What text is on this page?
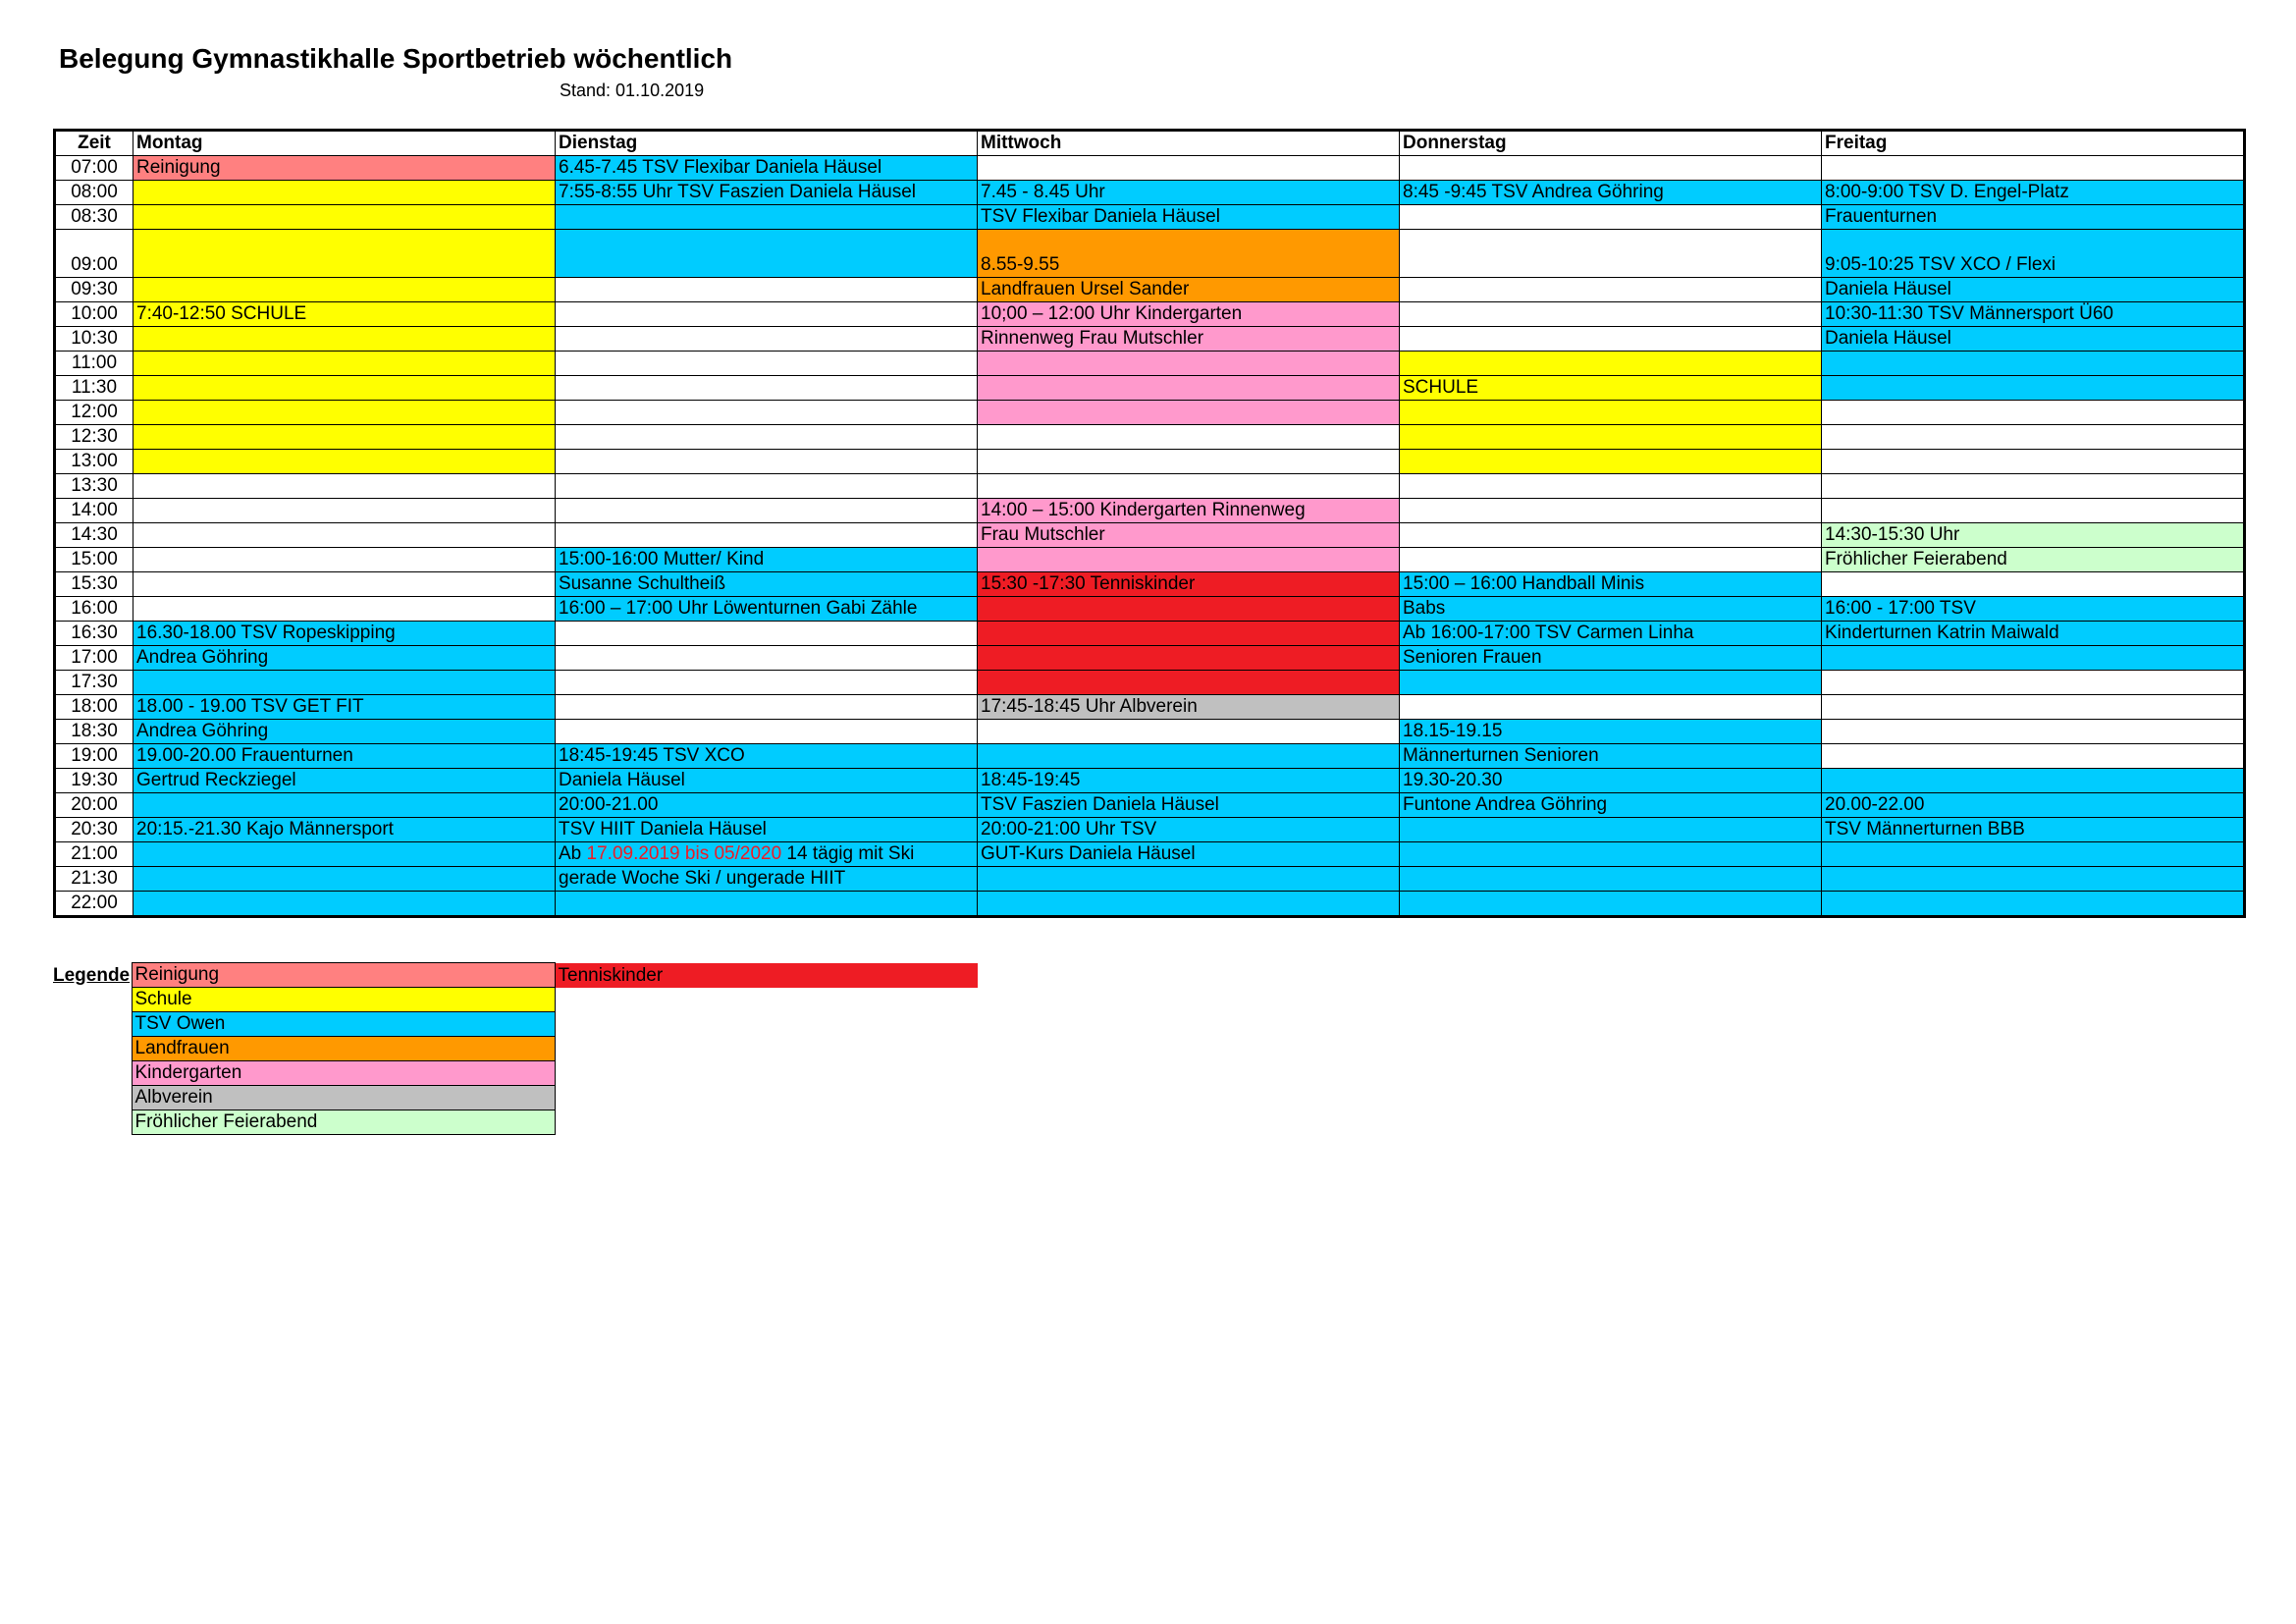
Belegung Gymnastikhalle Sportbetrieb wöchentlich
Stand: 01.10.2019
Zeit	Montag	Dienstag	Mittwoch	Donnerstag	Freitag
07:00	Reinigung	6.45-7.45 TSV Flexibar Daniela Häusel			
08:00		7:55-8:55 Uhr TSV Faszien Daniela Häusel	7.45 - 8.45 Uhr	8:45 -9:45 TSV Andrea Göhring	8:00-9:00 TSV D. Engel-Platz
08:30			TSV Flexibar Daniela Häusel		Frauenturnen
09:00			8.55-9.55		9:05-10:25 TSV XCO / Flexi
09:30			Landfrauen Ursel Sander		Daniela Häusel
10:00	7:40-12:50 SCHULE		10;00 – 12:00 Uhr Kindergarten		10:30-11:30 TSV Männersport Ü60
10:30			Rinnenweg Frau Mutschler		Daniela Häusel
11:00					
11:30				SCHULE	
12:00					
12:30					
13:00					
13:30					
14:00			14:00 – 15:00 Kindergarten Rinnenweg		
14:30			Frau Mutschler		14:30-15:30 Uhr
15:00		15:00-16:00 Mutter/ Kind			Fröhlicher Feierabend
15:30		Susanne Schultheiß	15:30 -17:30 Tenniskinder	15:00 – 16:00 Handball Minis	
16:00		16:00 – 17:00 Uhr Löwenturnen Gabi Zähle		Babs	16:00 - 17:00 TSV
16:30	16.30-18.00 TSV Ropeskipping			Ab 16:00-17:00 TSV Carmen Linha	Kinderturnen Katrin Maiwald
17:00	Andrea Göhring			Senioren Frauen	
17:30					
18:00	18.00 - 19.00 TSV GET FIT		17:45-18:45 Uhr Albverein		
18:30	Andrea Göhring			18.15-19.15	
19:00	19.00-20.00 Frauenturnen	18:45-19:45 TSV XCO		Männerturnen Senioren	
19:30	Gertrud Reckziegel	Daniela Häusel	18:45-19:45	19.30-20.30	
20:00		20:00-21.00	TSV Faszien Daniela Häusel	Funtone Andrea Göhring	20.00-22.00
20:30	20:15.-21.30 Kajo Männersport	TSV HIIT Daniela Häusel	20:00-21:00 Uhr TSV		TSV Männerturnen BBB
21:00		Ab 17.09.2019 bis 05/2020 14 tägig mit Ski	GUT-Kurs Daniela Häusel		
21:30		gerade Woche Ski / ungerade HIIT			
22:00					
Legende	Reinigung	Tenniskinder
	Schule	
	TSV Owen	
	Landfrauen	
	Kindergarten	
	Albverein	
	Fröhlicher Feierabend	
